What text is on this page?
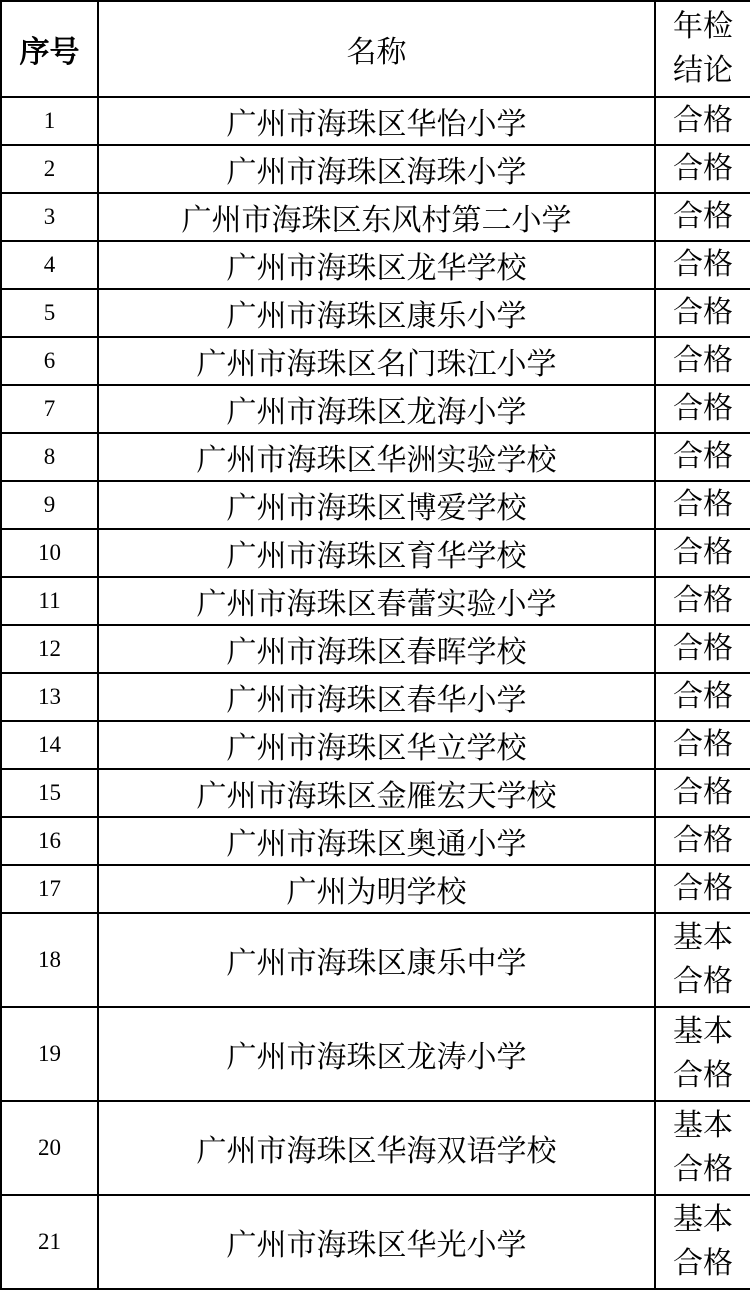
序号	名称	年检结论
1	广州市海珠区华怡小学	合格
2	广州市海珠区海珠小学	合格
3	广州市海珠区东风村第二小学	合格
4	广州市海珠区龙华学校	合格
5	广州市海珠区康乐小学	合格
6	广州市海珠区名门珠江小学	合格
7	广州市海珠区龙海小学	合格
8	广州市海珠区华洲实验学校	合格
9	广州市海珠区博爱学校	合格
10	广州市海珠区育华学校	合格
11	广州市海珠区春蕾实验小学	合格
12	广州市海珠区春晖学校	合格
13	广州市海珠区春华小学	合格
14	广州市海珠区华立学校	合格
15	广州市海珠区金雁宏天学校	合格
16	广州市海珠区奥通小学	合格
17	广州为明学校	合格
18	广州市海珠区康乐中学	基本合格
19	广州市海珠区龙涛小学	基本合格
20	广州市海珠区华海双语学校	基本合格
21	广州市海珠区华光小学	基本合格
